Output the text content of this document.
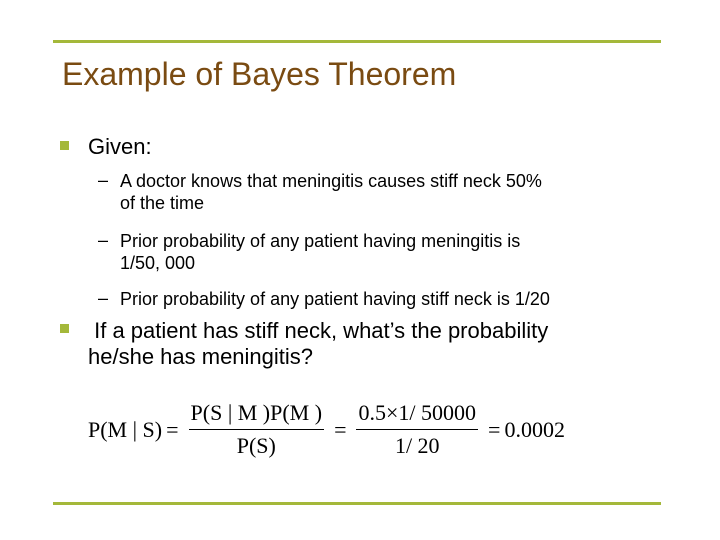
Example of Bayes Theorem
Given:
– A doctor knows that meningitis causes stiff neck 50%
of the time
– Prior probability of any patient having meningitis is
1/50, 000
– Prior probability of any patient having stiff neck is 1/20
If a patient has stiff neck, what’s the probability
he/she has meningitis?
P(M | $S) = \frac{P(S | M )P(M )}{P(S)} = \frac{0.5\times 1/ 50000}{1/ 20} = 0.0002$
